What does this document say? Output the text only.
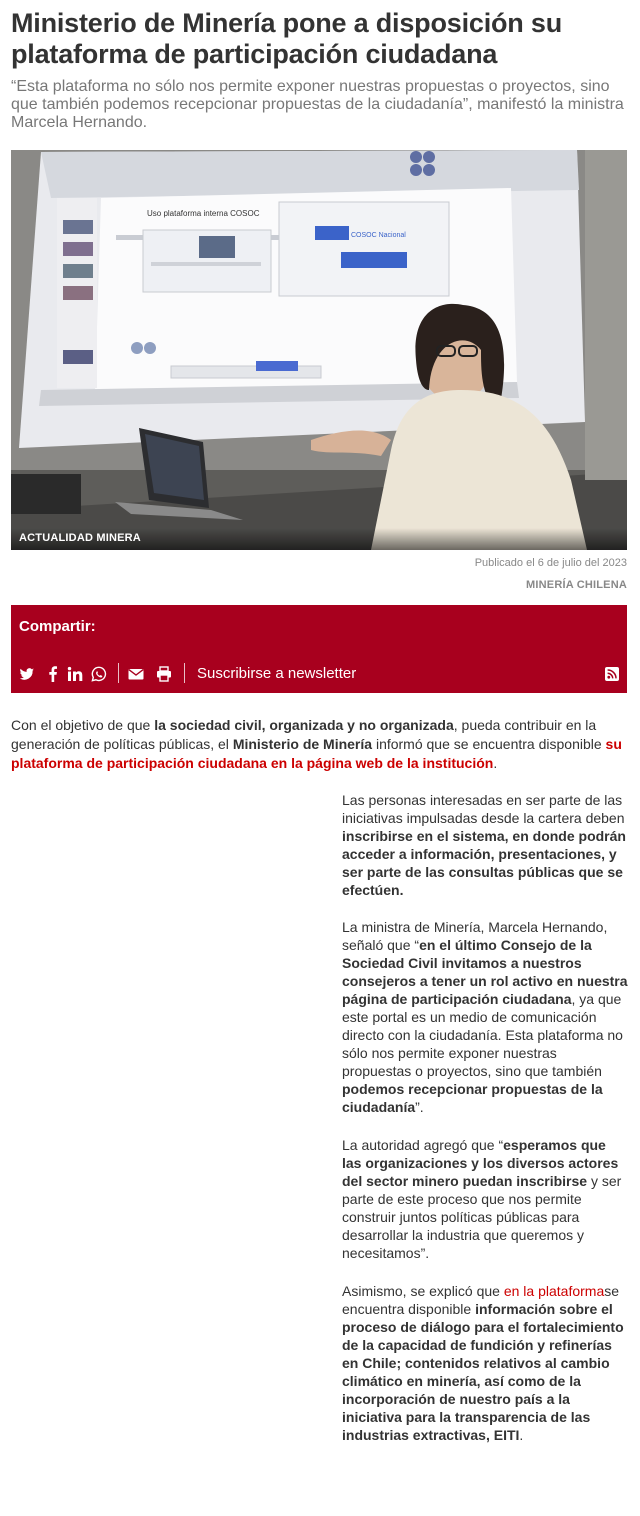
Ministerio de Minería pone a disposición su plataforma de participación ciudadana

“Esta plataforma no sólo nos permite exponer nuestras propuestas o proyectos, sino que también podemos recepcionar propuestas de la ciudadanía”, manifestó la ministra Marcela Hernando.

Uso plataforma interna COSOC
COSOC Nacional
ACTUALIDAD MINERA
Publicado el 6 de julio del 2023
MINERÍA CHILENA
Compartir:
Suscribirse a newsletter

Con el objetivo de que la sociedad civil, organizada y no organizada, pueda contribuir en la generación de políticas públicas, el Ministerio de Minería informó que se encuentra disponible su plataforma de participación ciudadana en la página web de la institución.

Las personas interesadas en ser parte de las iniciativas impulsadas desde la cartera deben inscribirse en el sistema, en donde podrán acceder a información, presentaciones, y ser parte de las consultas públicas que se efectúen.

La ministra de Minería, Marcela Hernando, señaló que “en el último Consejo de la Sociedad Civil invitamos a nuestros consejeros a tener un rol activo en nuestra página de participación ciudadana, ya que este portal es un medio de comunicación directo con la ciudadanía. Esta plataforma no sólo nos permite exponer nuestras propuestas o proyectos, sino que también podemos recepcionar propuestas de la ciudadanía”.

La autoridad agregó que “esperamos que las organizaciones y los diversos actores del sector minero puedan inscribirse y ser parte de este proceso que nos permite construir juntos políticas públicas para desarrollar la industria que queremos y necesitamos”.

Asimismo, se explicó que en la plataformase encuentra disponible información sobre el proceso de diálogo para el fortalecimiento de la capacidad de fundición y refinerías en Chile; contenidos relativos al cambio climático en minería, así como de la incorporación de nuestro país a la iniciativa para la transparencia de las industrias extractivas, EITI.
